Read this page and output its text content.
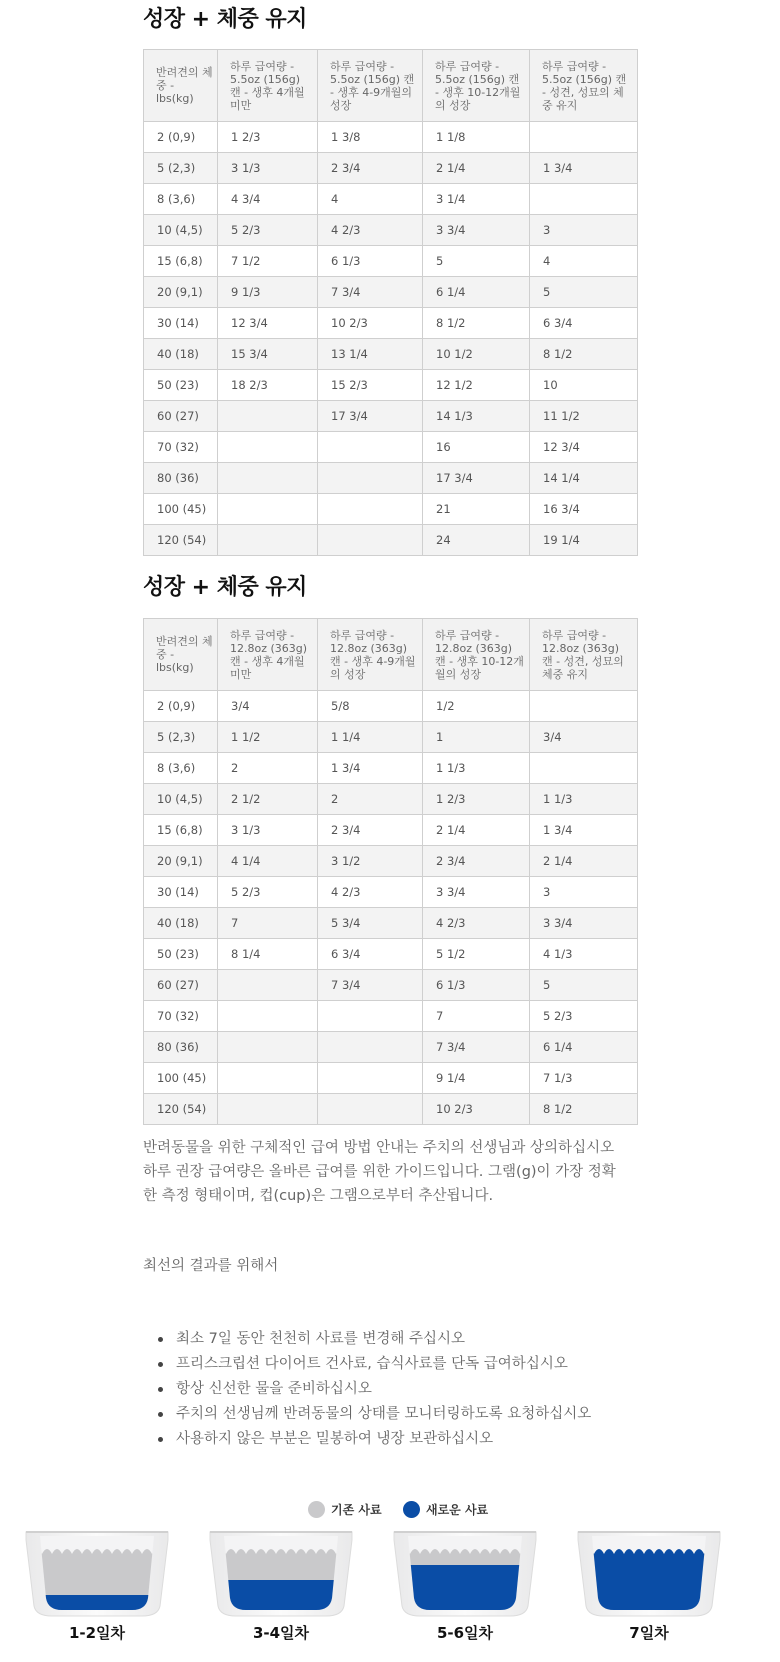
성장 + 체중 유지
반려견의 체중 - lbs(kg)	하루 급여량 - 5.5oz (156g) 캔 - 생후 4개월 미만	하루 급여량 - 5.5oz (156g) 캔 - 생후 4-9개월의 성장	하루 급여량 - 5.5oz (156g) 캔 - 생후 10-12개월의 성장	하루 급여량 - 5.5oz (156g) 캔 - 성견, 성묘의 체중 유지
2 (0,9)	1 2/3	1 3/8	1 1/8	
5 (2,3)	3 1/3	2 3/4	2 1/4	1 3/4
8 (3,6)	4 3/4	4	3 1/4	
10 (4,5)	5 2/3	4 2/3	3 3/4	3
15 (6,8)	7 1/2	6 1/3	5	4
20 (9,1)	9 1/3	7 3/4	6 1/4	5
30 (14)	12 3/4	10 2/3	8 1/2	6 3/4
40 (18)	15 3/4	13 1/4	10 1/2	8 1/2
50 (23)	18 2/3	15 2/3	12 1/2	10
60 (27)		17 3/4	14 1/3	11 1/2
70 (32)			16	12 3/4
80 (36)			17 3/4	14 1/4
100 (45)			21	16 3/4
120 (54)			24	19 1/4
성장 + 체중 유지
반려견의 체중 - lbs(kg)	하루 급여량 - 12.8oz (363g) 캔 - 생후 4개월 미만	하루 급여량 - 12.8oz (363g) 캔 - 생후 4-9개월의 성장	하루 급여량 - 12.8oz (363g) 캔 - 생후 10-12개월의 성장	하루 급여량 - 12.8oz (363g) 캔 - 성견, 성묘의 체중 유지
2 (0,9)	3/4	5/8	1/2	
5 (2,3)	1 1/2	1 1/4	1	3/4
8 (3,6)	2	1 3/4	1 1/3	
10 (4,5)	2 1/2	2	1 2/3	1 1/3
15 (6,8)	3 1/3	2 3/4	2 1/4	1 3/4
20 (9,1)	4 1/4	3 1/2	2 3/4	2 1/4
30 (14)	5 2/3	4 2/3	3 3/4	3
40 (18)	7	5 3/4	4 2/3	3 3/4
50 (23)	8 1/4	6 3/4	5 1/2	4 1/3
60 (27)		7 3/4	6 1/3	5
70 (32)			7	5 2/3
80 (36)			7 3/4	6 1/4
100 (45)			9 1/4	7 1/3
120 (54)			10 2/3	8 1/2
반려동물을 위한 구체적인 급여 방법 안내는 주치의 선생님과 상의하십시오
하루 권장 급여량은 올바른 급여를 위한 가이드입니다. 그램(g)이 가장 정확
한 측정 형태이며, 컵(cup)은 그램으로부터 추산됩니다.
최선의 결과를 위해서
최소 7일 동안 천천히 사료를 변경해 주십시오
프리스크립션 다이어트 건사료, 습식사료를 단독 급여하십시오
항상 신선한 물을 준비하십시오
주치의 선생님께 반려동물의 상태를 모니터링하도록 요청하십시오
사용하지 않은 부분은 밀봉하여 냉장 보관하십시오
기존 사료	새로운 사료
1-2일차	3-4일차	5-6일차	7일차
